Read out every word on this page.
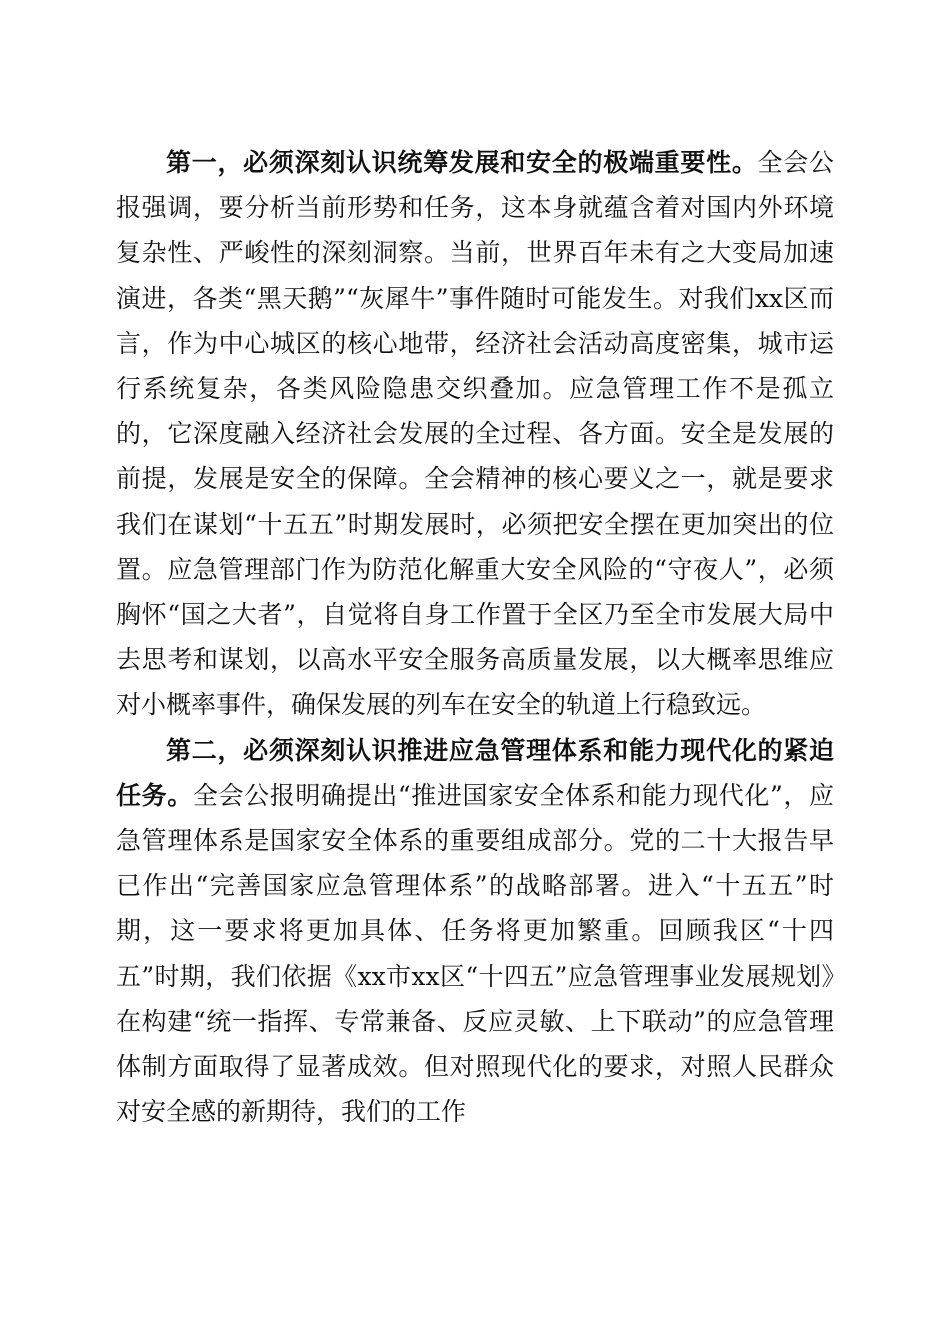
第一，必须深刻认识统筹发展和安全的极端重要性。全会公报强调，要分析当前形势和任务，这本身就蕴含着对国内外环境复杂性、严峻性的深刻洞察。当前，世界百年未有之大变局加速演进，各类“黑天鹅”“灰犀牛”事件随时可能发生。对我们xx区而言，作为中心城区的核心地带，经济社会活动高度密集，城市运行系统复杂，各类风险隐患交织叠加。应急管理工作不是孤立的，它深度融入经济社会发展的全过程、各方面。安全是发展的前提，发展是安全的保障。全会精神的核心要义之一，就是要求我们在谋划“十五五”时期发展时，必须把安全摆在更加突出的位置。应急管理部门作为防范化解重大安全风险的“守夜人”，必须胸怀“国之大者”，自觉将自身工作置于全区乃至全市发展大局中去思考和谋划，以高水平安全服务高质量发展，以大概率思维应对小概率事件，确保发展的列车在安全的轨道上行稳致远。

第二，必须深刻认识推进应急管理体系和能力现代化的紧迫任务。全会公报明确提出“推进国家安全体系和能力现代化”，应急管理体系是国家安全体系的重要组成部分。党的二十大报告早已作出“完善国家应急管理体系”的战略部署。进入“十五五”时期，这一要求将更加具体、任务将更加繁重。回顾我区“十四五”时期，我们依据《xx市xx区“十四五”应急管理事业发展规划》在构建“统一指挥、专常兼备、反应灵敏、上下联动”的应急管理体制方面取得了显著成效。但对照现代化的要求，对照人民群众对安全感的新期待，我们的工作
